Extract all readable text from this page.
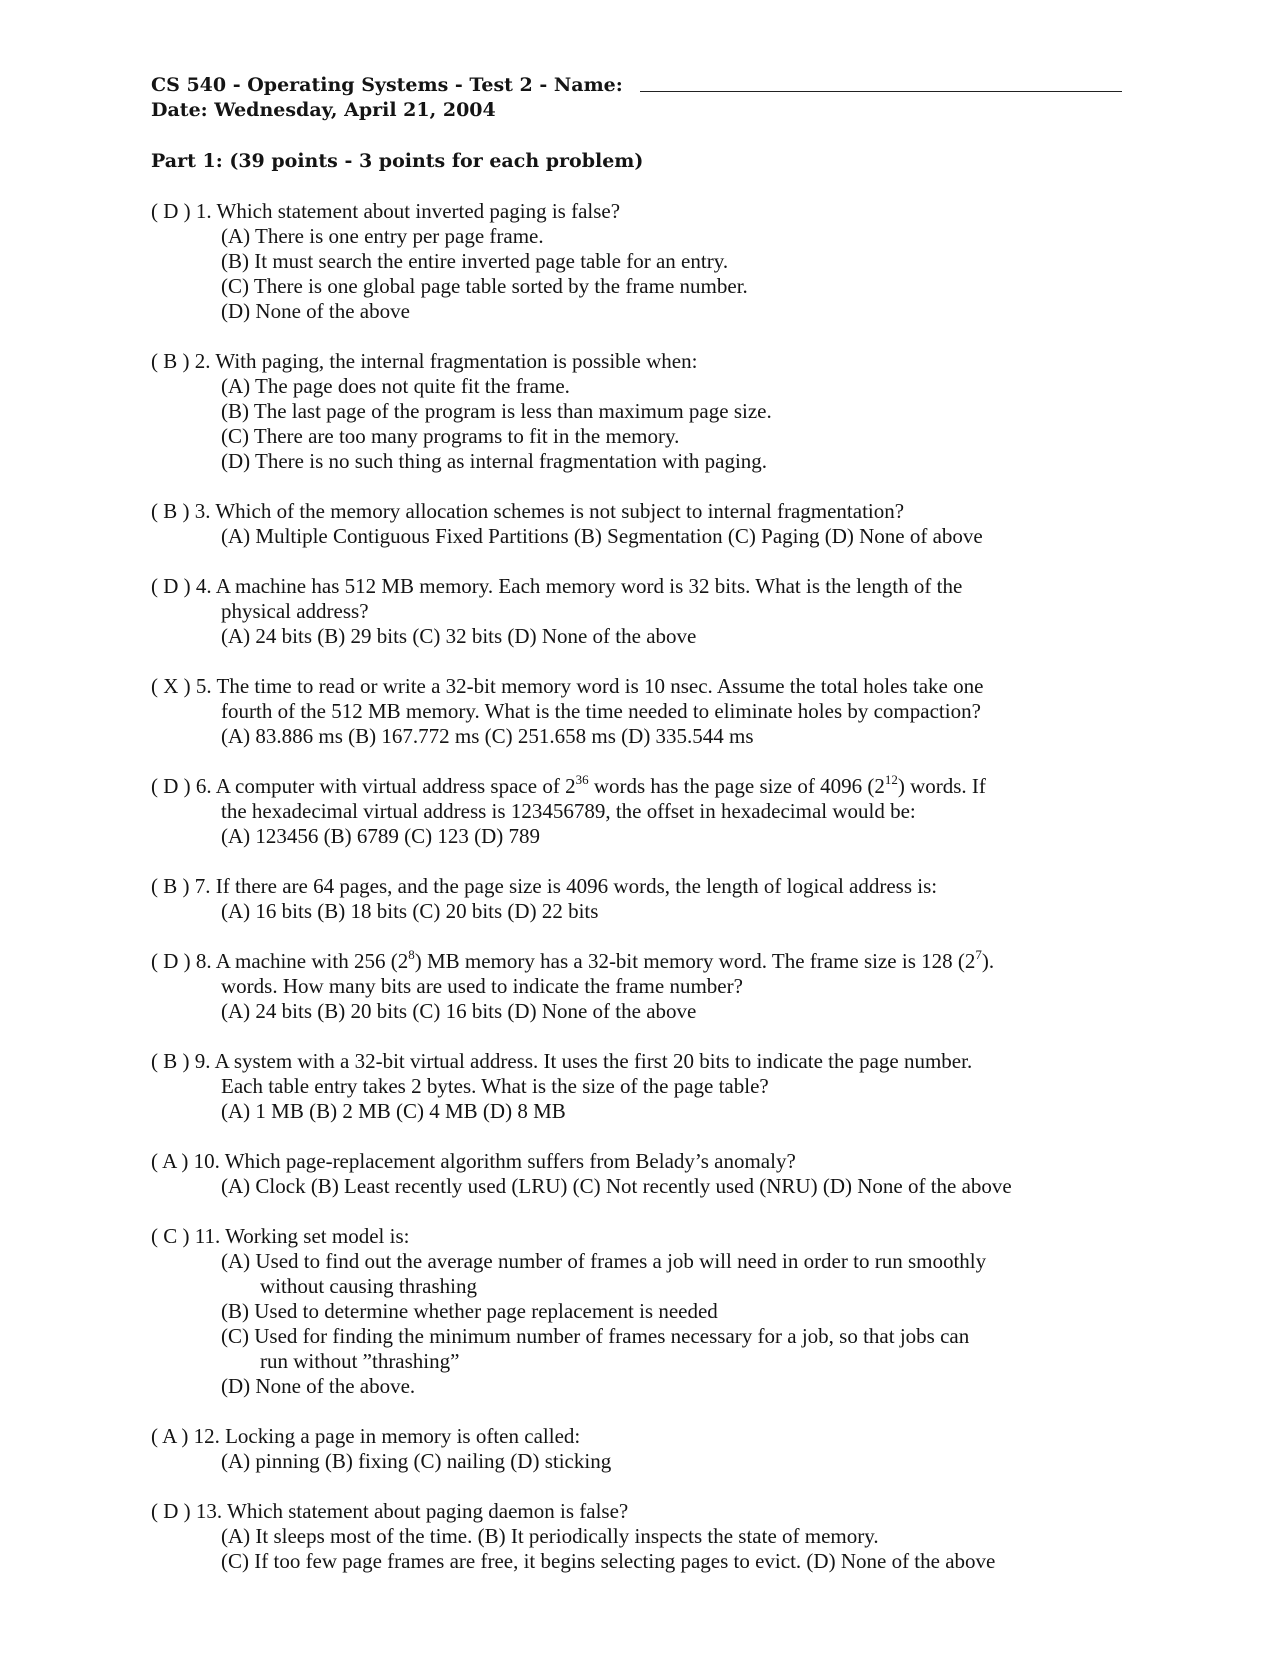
CS 540 - Operating Systems - Test 2 - Name:
Date: Wednesday, April 21, 2004
Part 1: (39 points - 3 points for each problem)
( D ) 1. Which statement about inverted paging is false?
(A) There is one entry per page frame.
(B) It must search the entire inverted page table for an entry.
(C) There is one global page table sorted by the frame number.
(D) None of the above
( B ) 2. With paging, the internal fragmentation is possible when:
(A) The page does not quite fit the frame.
(B) The last page of the program is less than maximum page size.
(C) There are too many programs to fit in the memory.
(D) There is no such thing as internal fragmentation with paging.
( B ) 3. Which of the memory allocation schemes is not subject to internal fragmentation?
(A) Multiple Contiguous Fixed Partitions (B) Segmentation (C) Paging (D) None of above
( D ) 4. A machine has 512 MB memory. Each memory word is 32 bits. What is the length of the
physical address?
(A) 24 bits (B) 29 bits (C) 32 bits (D) None of the above
( X ) 5. The time to read or write a 32-bit memory word is 10 nsec. Assume the total holes take one
fourth of the 512 MB memory. What is the time needed to eliminate holes by compaction?
(A) 83.886 ms (B) 167.772 ms (C) 251.658 ms (D) 335.544 ms
( D ) 6. A computer with virtual address space of $2^{36}$ words has the page size of 4096 $(2^{12})$ words. If
the hexadecimal virtual address is 123456789, the offset in hexadecimal would be:
(A) 123456 (B) 6789 (C) 123 (D) 789
( B ) 7. If there are 64 pages, and the page size is 4096 words, the length of logical address is:
(A) 16 bits (B) 18 bits (C) 20 bits (D) 22 bits
( D ) 8. A machine with 256 $(2^8)$ MB memory has a 32-bit memory word. The frame size is 128 $(2^7)$.
words. How many bits are used to indicate the frame number?
(A) 24 bits (B) 20 bits (C) 16 bits (D) None of the above
( B ) 9. A system with a 32-bit virtual address. It uses the first 20 bits to indicate the page number.
Each table entry takes 2 bytes. What is the size of the page table?
(A) 1 MB (B) 2 MB (C) 4 MB (D) 8 MB
( A ) 10. Which page-replacement algorithm suffers from Belady’s anomaly?
(A) Clock (B) Least recently used (LRU) (C) Not recently used (NRU) (D) None of the above
( C ) 11. Working set model is:
(A) Used to find out the average number of frames a job will need in order to run smoothly
without causing thrashing
(B) Used to determine whether page replacement is needed
(C) Used for finding the minimum number of frames necessary for a job, so that jobs can
run without ”thrashing”
(D) None of the above.
( A ) 12. Locking a page in memory is often called:
(A) pinning (B) fixing (C) nailing (D) sticking
( D ) 13. Which statement about paging daemon is false?
(A) It sleeps most of the time. (B) It periodically inspects the state of memory.
(C) If too few page frames are free, it begins selecting pages to evict. (D) None of the above
